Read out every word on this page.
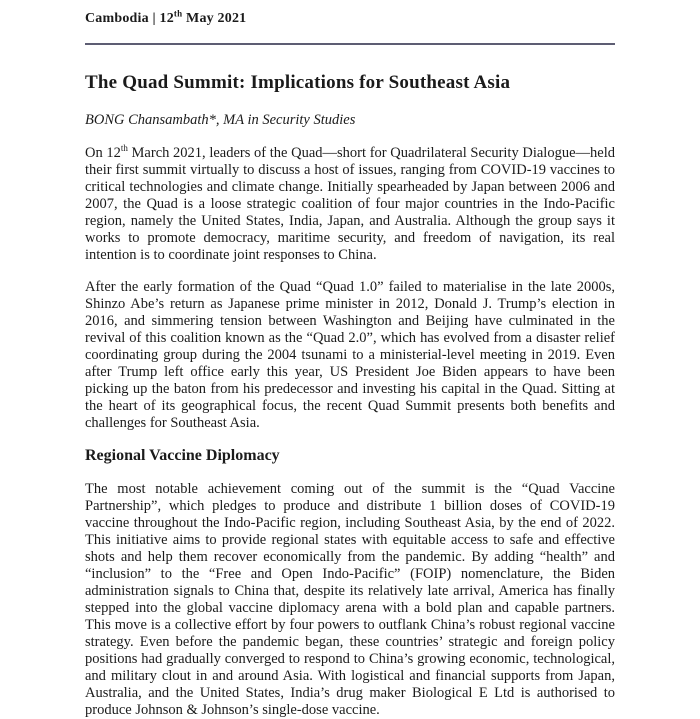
Cambodia | 12th May 2021
The Quad Summit: Implications for Southeast Asia

BONG Chansambath*, MA in Security Studies

On 12th March 2021, leaders of the Quad—short for Quadrilateral Security Dialogue—held their first summit virtually to discuss a host of issues, ranging from COVID-19 vaccines to critical technologies and climate change. Initially spearheaded by Japan between 2006 and 2007, the Quad is a loose strategic coalition of four major countries in the Indo-Pacific region, namely the United States, India, Japan, and Australia. Although the group says it works to promote democracy, maritime security, and freedom of navigation, its real intention is to coordinate joint responses to China.

After the early formation of the Quad “Quad 1.0” failed to materialise in the late 2000s, Shinzo Abe’s return as Japanese prime minister in 2012, Donald J. Trump’s election in 2016, and simmering tension between Washington and Beijing have culminated in the revival of this coalition known as the “Quad 2.0”, which has evolved from a disaster relief coordinating group during the 2004 tsunami to a ministerial-level meeting in 2019. Even after Trump left office early this year, US President Joe Biden appears to have been picking up the baton from his predecessor and investing his capital in the Quad. Sitting at the heart of its geographical focus, the recent Quad Summit presents both benefits and challenges for Southeast Asia.

Regional Vaccine Diplomacy

The most notable achievement coming out of the summit is the “Quad Vaccine Partnership”, which pledges to produce and distribute 1 billion doses of COVID-19 vaccine throughout the Indo-Pacific region, including Southeast Asia, by the end of 2022. This initiative aims to provide regional states with equitable access to safe and effective shots and help them recover economically from the pandemic. By adding “health” and “inclusion” to the “Free and Open Indo-Pacific” (FOIP) nomenclature, the Biden administration signals to China that, despite its relatively late arrival, America has finally stepped into the global vaccine diplomacy arena with a bold plan and capable partners. This move is a collective effort by four powers to outflank China’s robust regional vaccine strategy. Even before the pandemic began, these countries’ strategic and foreign policy positions had gradually converged to respond to China’s growing economic, technological, and military clout in and around Asia. With logistical and financial supports from Japan, Australia, and the United States, India’s drug maker Biological E Ltd is authorised to produce Johnson & Johnson’s single-dose vaccine.
